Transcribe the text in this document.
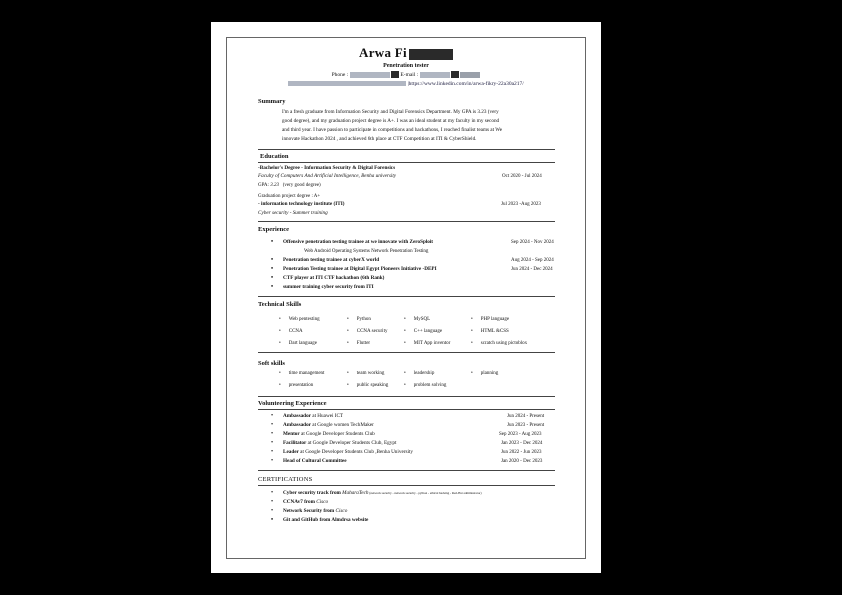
Arwa Fi
Penetration tester
Phone :	E-mail :
|https://www.linkedin.com/in/arwa-fikry-22a30a217/
Summary
I'm a fresh graduate from Information Security and Digital Forensics Department. My GPA is 3.23 (very
good degree), and my graduation project degree is A+. I was an ideal student at my faculty in my second
and third year. I have passion to participate in competitions and hackathons, I reached finalist teams at We
innovate Hackathon 2024 , and achieved 6th place at CTF Competition at ITI & CyberShield.
Education
-Bachelor's Degree - Information Security & Digital Forensics
Faculty of Computers And Artificial Intelligence, Benha university	Oct 2020 - Jul 2024
GPA: 3.23 (very good degree)
Graduation project degree : A+
- information technology institute (ITI)	Jul 2023 -Aug 2023
Cyber security - Summer training
Experience
• Offensive penetration testing trainee at we innovate with ZeroSploit	Sep 2024 - Nov 2024
Web Android Operating Systems Network Penetration Testing
• Penetration testing trainee at cyberX world	Aug 2024 - Sep 2024
• Penetration Testing trainee at Digital Egypt Pioneers Initiative -DEPI	Jun 2024 - Dec 2024
• CTF player at ITI CTF hackathon (6th Rank)
• summer training cyber security from ITI
Technical Skills
• Web pentesting	• Python	• MySQL	• PHP language
• CCNA	• CCNA security	• C++ language	• HTML &CSS
• Dart language	• Flutter	• MIT App inventor	• scratch using pictoblox
Soft skills
• time management	• team working	• leadership	• planning
• presentation	• public speaking	• problem solving
Volunteering Experience
• Ambassador at Huawei ICT	Jun 2024 - Present
• Ambassador at Google women TechMaker	Jun 2023 - Present
• Mentor at Google Developer Students Club	Sep 2023 - Aug 2023
• Facilitator at Google Developer Students Club, Egypt	Jan 2023 - Dec 2024
• Leader at Google Developer Students Club ,Benha University	Jun 2022 - Jun 2023
• Head of Cultural Committee	Jan 2020 - Dec 2023
CERTIFICATIONS
• Cyber security track from MaharaTech (network security - network security - python - ethical hacking - Red-Hat administrator)
• CCNAv7 from Cisco
• Network Security from Cisco
• Git and GitHub from Almdrsa website
